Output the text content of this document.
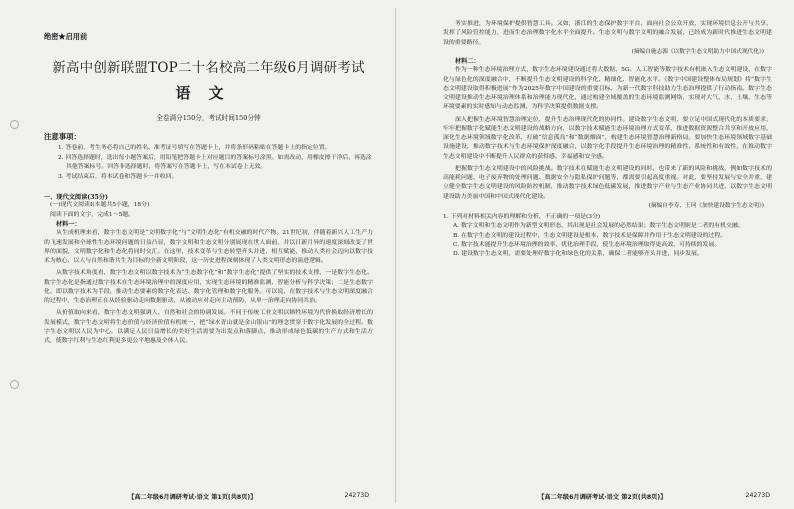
绝密★启用前
新高中创新联盟TOP二十名校高二年级6月调研考试
语文
全卷满分150分，考试时间150分钟
注意事项：
1. 答卷前，考生务必将自己的姓名、准考证号填写在答题卡上，并将条形码粘贴在答题卡上的指定位置。
2. 回答选择题时，选出每小题答案后，用铅笔把答题卡上对应题目的答案标号涂黑。如需改动，用橡皮擦干净后，再选涂其他答案标号。回答非选择题时，将答案写在答题卡上，写在本试卷上无效。
3. 考试结束后，将本试卷和答题卡一并收回。
一、现代文阅读(35分)
(一)现代文阅读Ⅰ(本题共5小题，18分)
阅读下面的文字，完成1～5题。
材料一：

从生成机理来看，数字生态文明是“文明数字化”与“文明生态化”有机交融的时代产物。21世纪初，伴随着新兴人工生产力的飞速发展和全球性生态环境问题的日益凸显，数字文明和生态文明分别展现在世人面前，并以日新月异的速度深刻改变了世界的面貌，文明数字化和生态化将同时交汇。在这里，技术变革与生态转型齐头并进，相互赋能，推动人类社会迈向以数字技术为核心、以人与自然和谐共生为目标的全新文明阶段，这一历史进程深刻体现了人类文明形态的演进逻辑。

从数字技术角度看，数字生态文明以数字技术为“生态数字化”和“数字生态化”提供了坚实的技术支撑，一是数字生态化。数字生态化是指通过数字技术在生态环境治理中的深度应用，实现生态环境的精准监测、智能分析与科学决策；二是生态数字化，即以数字技术为手段，推动生态要素的数字化表达、数字化管理和数字化服务。可以说，在数字技术与生态文明深度融合的过程中，生态治理正在从经验驱动走向数据驱动，从被动应对走向主动预防，从单一治理走向协同共治。

从价值取向来看，数字生态文明强调人、自然和社会的协调发展。不同于传统工业文明以牺牲环境为代价换取经济增长的发展模式，数字生态文明将生态价值与经济价值有机统一，把“绿水青山就是金山银山”的理念贯穿于数字化发展的全过程。数字生态文明以人民为中心，以满足人民日益增长的美好生活需要为出发点和落脚点，推动形成绿色低碳的生产方式和生活方式，使数字红利与生态红利更多更公平地惠及全体人民。

【高二年级6月调研考试·语文 第1页(共8页)】	24273D

务实推进，为环境保护提供智慧工具。又如，浙江的生态保护数字平台，面向社会公众开放，实现环境信息公开与共享，发挥了风险管控能力，进而生态治理数字化水平全面提升。生态文明与数字文明的融合发展，已经成为新时代推进生态文明建设的重要路径。

(摘编自施志源《以数字生态文明助力中国式现代化》)
材料二：

作为一种生态环境治理方式，数字生态环境建设通过将大数据、5G、人工智能等数字技术有机嵌入生态文明建设，在数字化与绿色化的深度融合中，不断提升生态文明建设的科学化、精细化、智能化水平。《数字中国建设整体布局规划》将“数字生态文明建设取得积极进展”作为2025年数字中国建设的重要目标，为新一代数字科技助力生态治理提供了行动指南。数字生态文明建设推动生态环境治理体系和治理能力现代化，通过构建全域覆盖的生态环境监测网络，实现对大气、水、土壤、生态等环境要素的实时感知与动态监测，为科学决策提供数据支撑。

深入把握生态环境智慧治理定位，提升生态治理现代化的协同性。建设数字生态文明，要立足中国式现代化的本质要求，牢牢把握数字化赋能生态文明建设的战略方向，以数字技术赋能生态环境治理方式变革，推进数据资源整合共享和开放应用，深化生态环境领域数字化改革，打破“信息孤岛”和“数据烟囱”，构建生态环境智慧治理新格局。要加快生态环境领域数字基础设施建设，推动数字技术与生态环境保护深度融合，以数字化手段提升生态环境治理的精准性、系统性和有效性，在推动数字生态文明建设中不断提升人民群众的获得感、幸福感和安全感。

把握数字生态文明建设中的风险挑战。数字技术在赋能生态文明建设的同时，也带来了新的风险和挑战，例如数字技术的高能耗问题、电子废弃物的处理问题、数据安全与隐私保护问题等，都需要引起高度重视。对此，要坚持发展与安全并重，建立健全数字生态文明建设的风险防控机制，推动数字技术绿色低碳发展，推进数字产业与生态产业协同共进，以数字生态文明建设助力美丽中国和中国式现代化建设。

(摘编自李寿、王珂《加快建设数字生态文明》)
1. 下列对材料相关内容的理解和分析，不正确的一项是(3分)
A. 数字文明和生态文明作为新型文明形态，其出现是社会发展的必然结果；数字生态文明则是二者的有机交融。
B. 在数字生态文明的建设过程中，生态文明建设是根本，数字技术是保障并作用于生态文明建设的过程。
C. 数字技术能提升生态环境治理的效率、优化治理手段，使生态环境治理取得更高效、可持续的发展。
D. 建设数字生态文明，需要处理好数字化和绿色化的关系，确保二者能够齐头并进，同步发展。
【高二年级6月调研考试·语文 第2页(共8页)】	24273D
